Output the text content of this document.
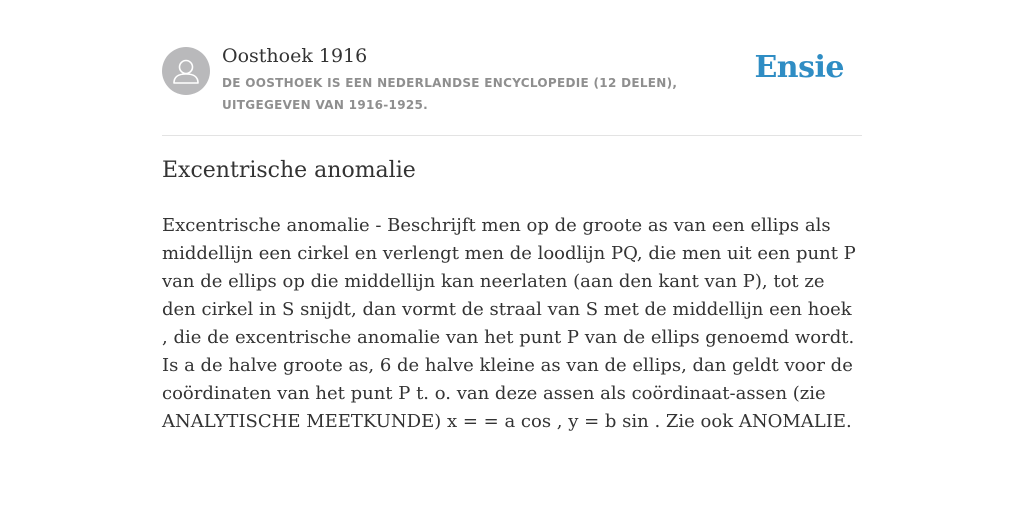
Oosthoek 1916
DE OOSTHOEK IS EEN NEDERLANDSE ENCYCLOPEDIE (12 DELEN), UITGEGEVEN VAN 1916-1925.
Ensie
Excentrische anomalie

Excentrische anomalie - Beschrijft men op de groote as van een ellips als middellijn een cirkel en verlengt men de loodlijn PQ, die men uit een punt P van de ellips op die middellijn kan neerlaten (aan den kant van P), tot ze den cirkel in S snijdt, dan vormt de straal van S met de middellijn een hoek , die de excentrische anomalie van het punt P van de ellips genoemd wordt. Is a de halve groote as, 6 de halve kleine as van de ellips, dan geldt voor de coördinaten van het punt P t. o. van deze assen als coördinaat-assen (zie ANALYTISCHE MEETKUNDE) x = = a cos , y = b sin . Zie ook ANOMALIE.
